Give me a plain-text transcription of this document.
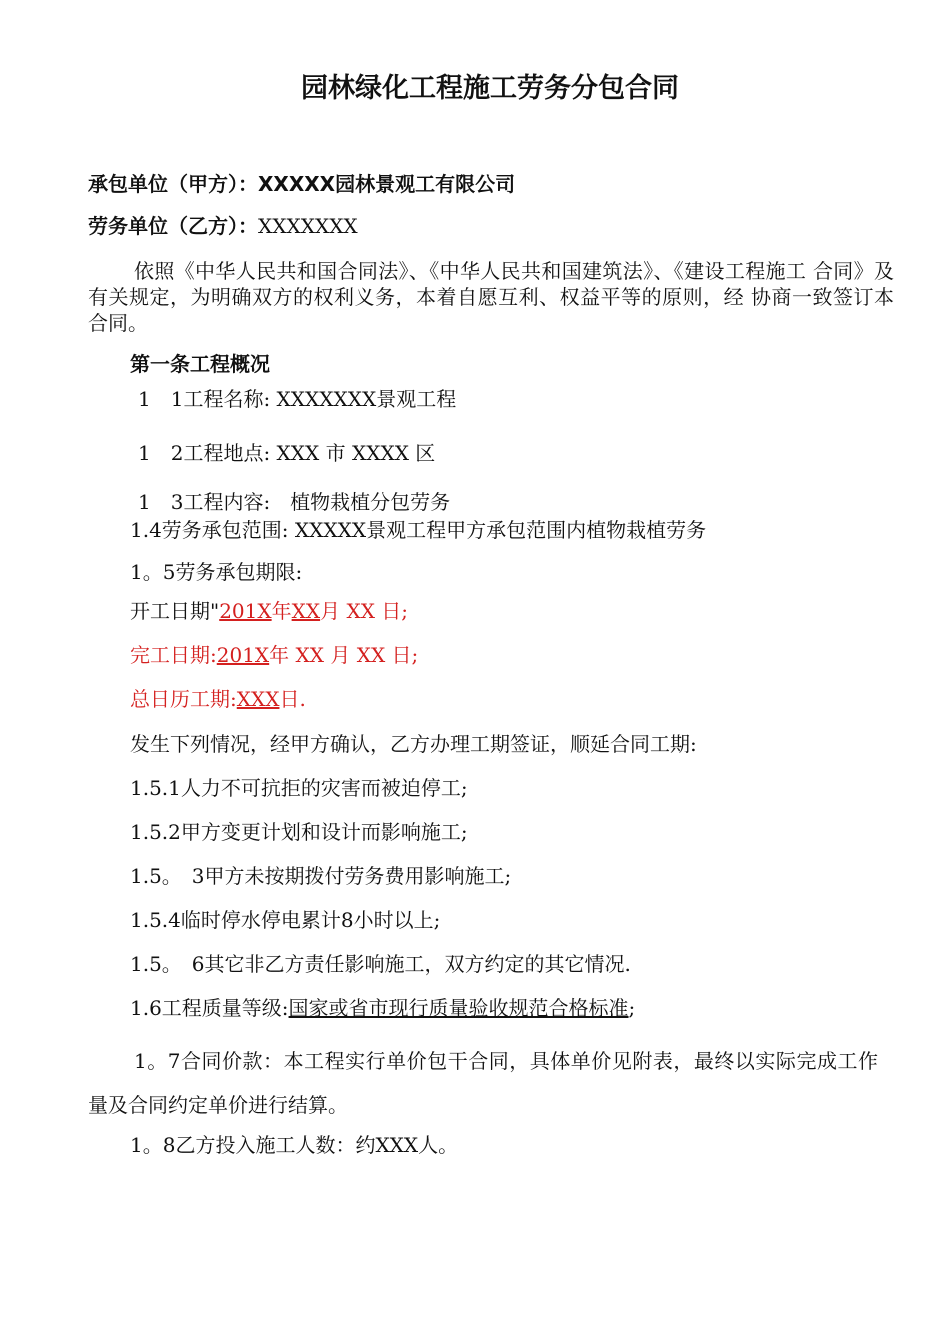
园林绿化工程施工劳务分包合同
承包单位（甲方）：XXXXX园林景观工有限公司
劳务单位（乙方）：XXXXXXX
依照《中华人民共和国合同法》、《中华人民共和国建筑法》、《建设工程施工 合同》及有关规定，为明确双方的权利义务，本着自愿互利、权益平等的原则，经 协商一致签订本合同。
第一条工程概况
1　1工程名称: XXXXXXX景观工程
1　2工程地点: XXX 市 XXXX 区
1　3工程内容:　植物栽植分包劳务
1.4劳务承包范围: XXXXX景观工程甲方承包范围内植物栽植劳务
1。5劳务承包期限:
开工日期"201X年XX月 XX 日;
完工日期:201X年 XX 月 XX 日;
总日历工期:XXX日.
发生下列情况，经甲方确认，乙方办理工期签证，顺延合同工期:
1.5.1人力不可抗拒的灾害而被迫停工;
1.5.2甲方变更计划和设计而影响施工;
1.5。　3甲方未按期拨付劳务费用影响施工;
1.5.4临时停水停电累计8小时以上;
1.5。　6其它非乙方责任影响施工，双方约定的其它情况.
1.6工程质量等级:国家或省市现行质量验收规范合格标准;
1。7合同价款：本工程实行单价包干合同，具体单价见附表，最终以实际完成工作量及合同约定单价进行结算。
1。8乙方投入施工人数：约XXX人。
